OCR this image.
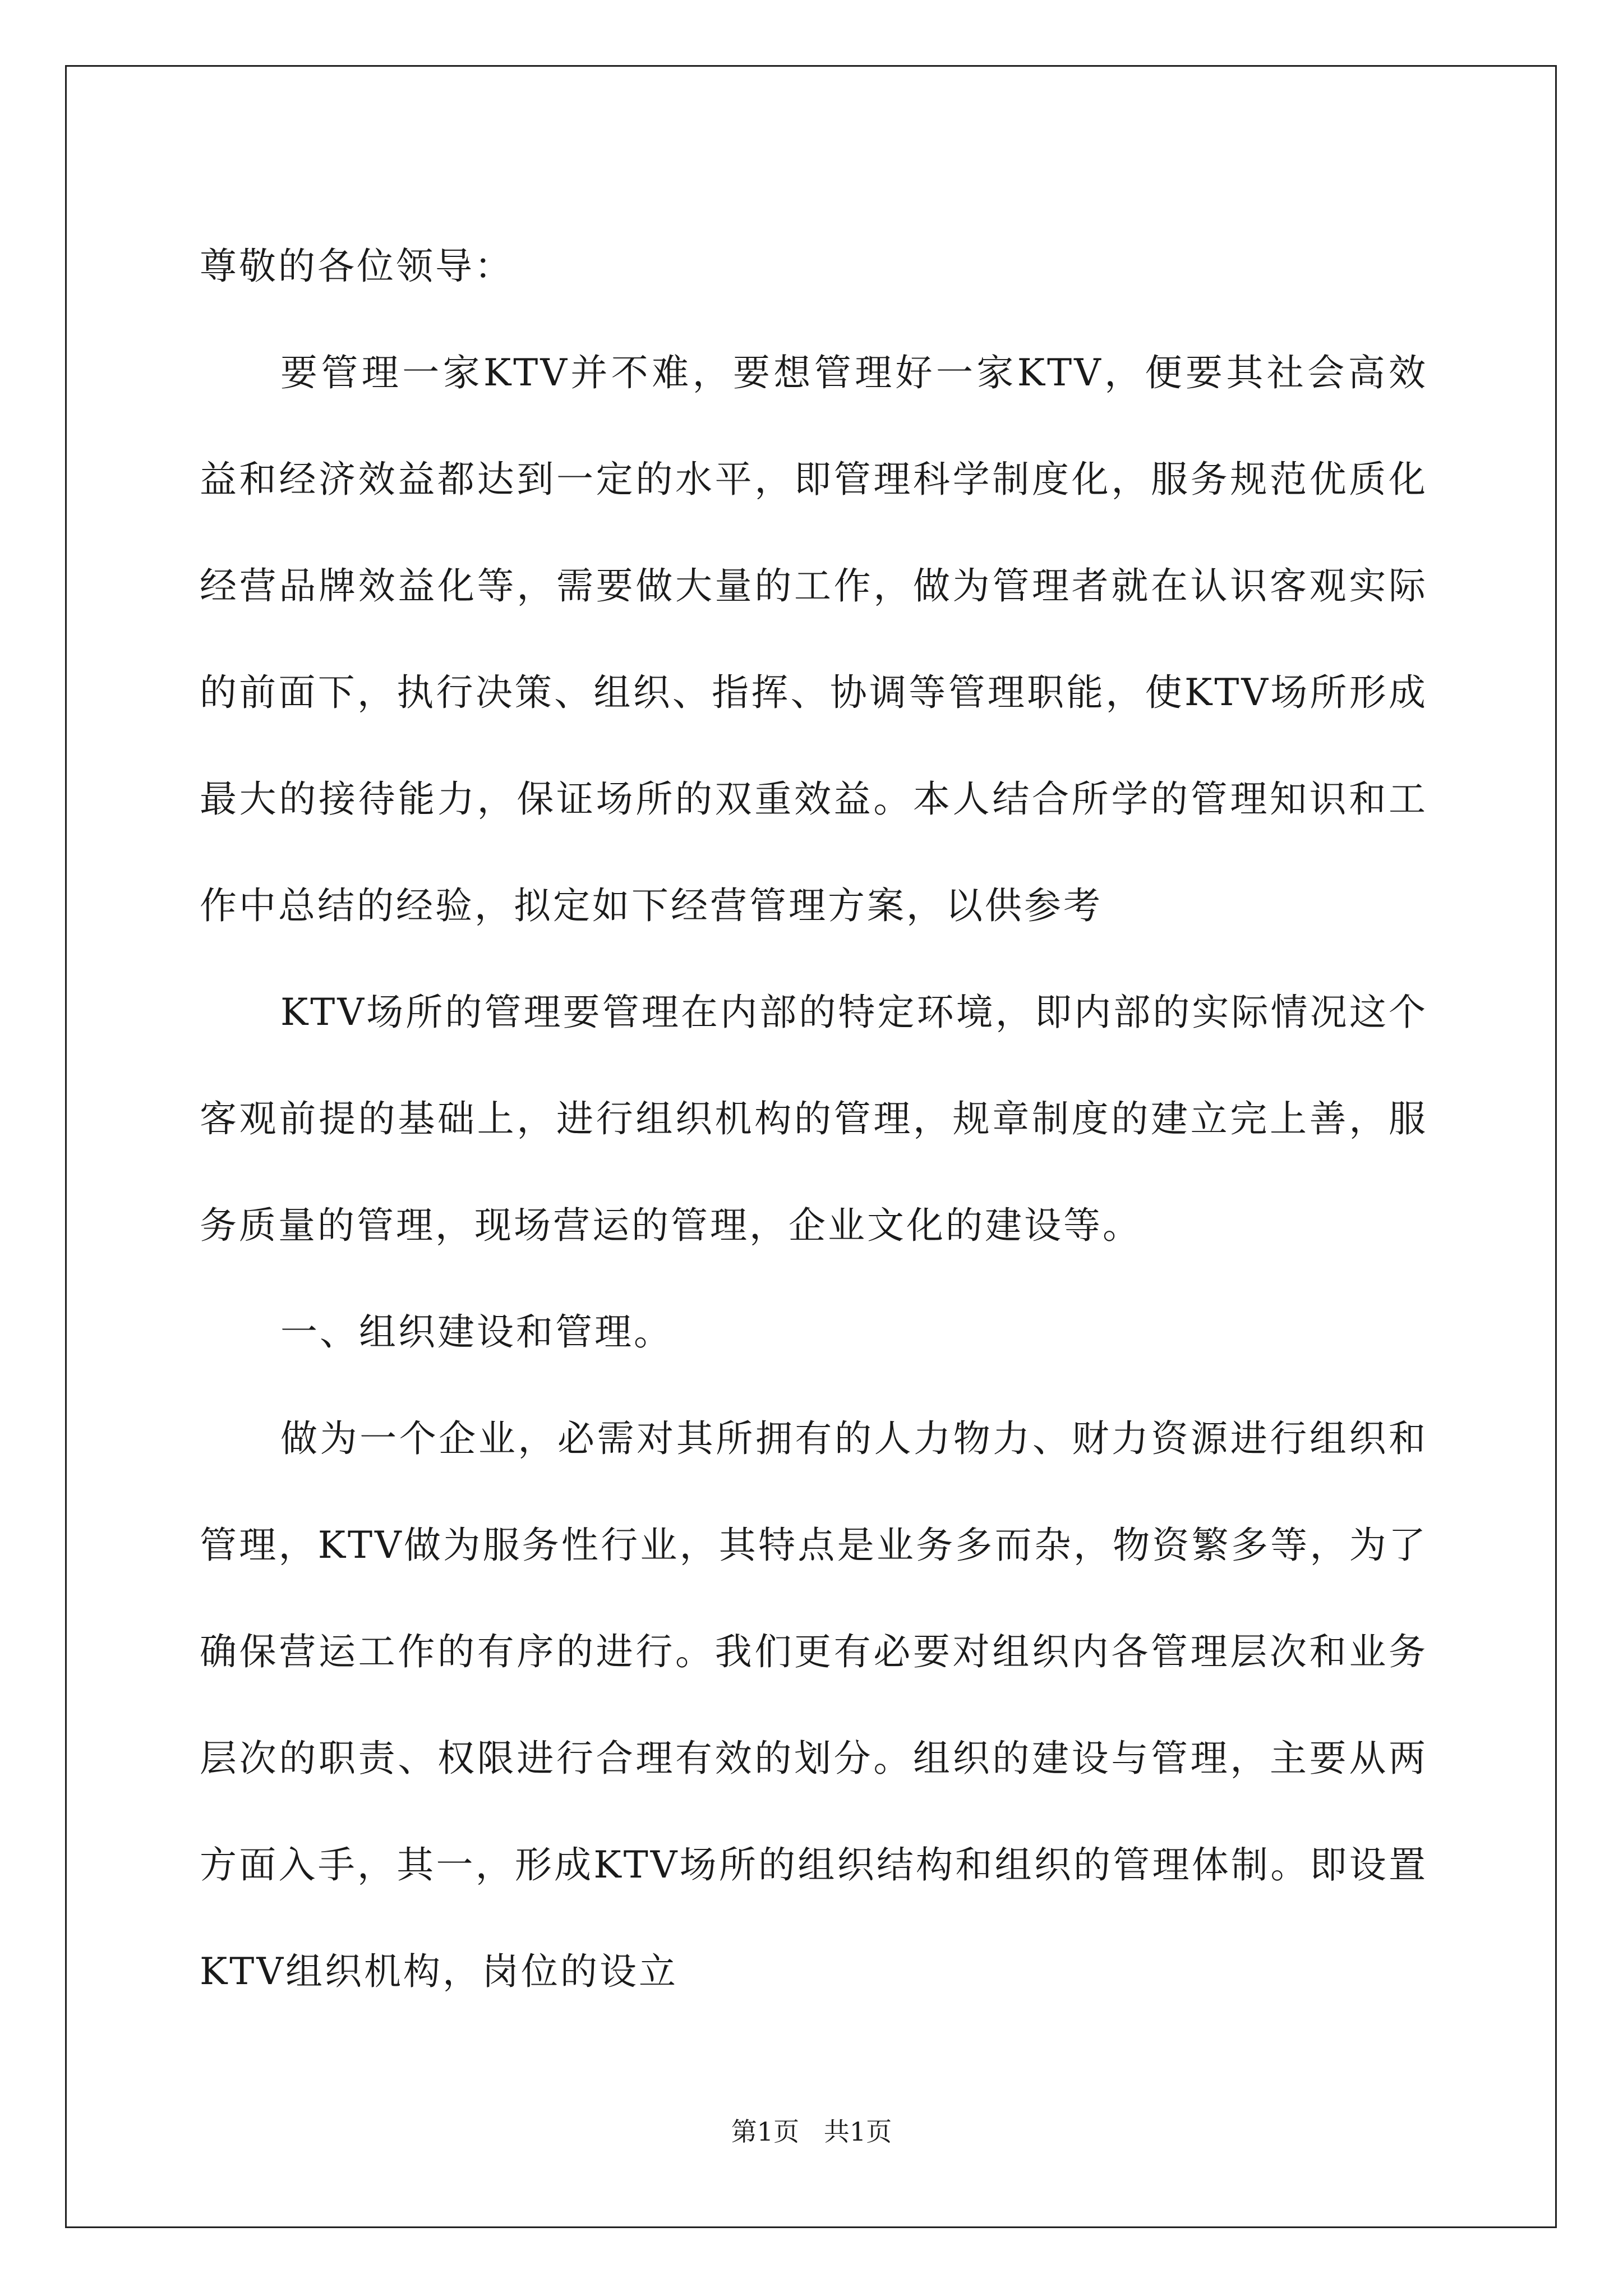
尊敬的各位领导：

要管理一家KTV并不难，要想管理好一家KTV，便要其社会高效益和经济效益都达到一定的水平，即管理科学制度化，服务规范优质化经营品牌效益化等，需要做大量的工作，做为管理者就在认识客观实际的前面下，执行决策、组织、指挥、协调等管理职能，使KTV场所形成最大的接待能力，保证场所的双重效益。本人结合所学的管理知识和工作中总结的经验，拟定如下经营管理方案，以供参考

KTV场所的管理要管理在内部的特定环境，即内部的实际情况这个客观前提的基础上，进行组织机构的管理，规章制度的建立完上善，服务质量的管理，现场营运的管理，企业文化的建设等。

一、组织建设和管理。

做为一个企业，必需对其所拥有的人力物力、财力资源进行组织和管理，KTV做为服务性行业，其特点是业务多而杂，物资繁多等，为了确保营运工作的有序的进行。我们更有必要对组织内各管理层次和业务层次的职责、权限进行合理有效的划分。组织的建设与管理，主要从两方面入手，其一，形成KTV场所的组织结构和组织的管理体制。即设置KTV组织机构，岗位的设立

第1页   共1页
